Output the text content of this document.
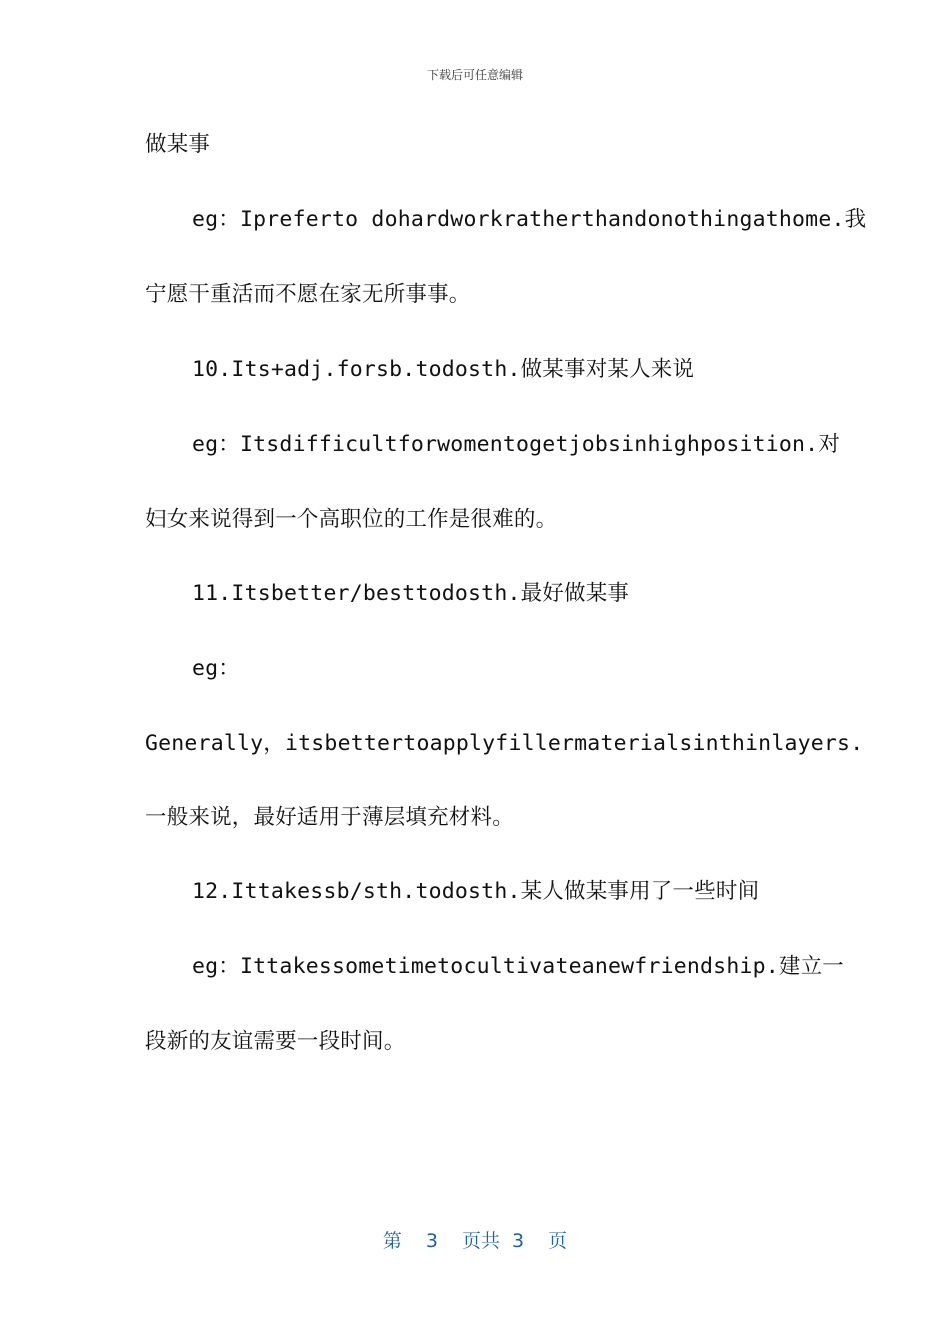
下载后可任意编辑
做某事
eg：Ipreferto dohardworkratherthandonothingathome.我
宁愿干重活而不愿在家无所事事。
10.Its+adj.forsb.todosth.做某事对某人来说
eg：Itsdifficultforwomentogetjobsinhighposition.对
妇女来说得到一个高职位的工作是很难的。
11.Itsbetter/besttodosth.最好做某事
eg：
Generally，itsbettertoapplyfillermaterialsinthinlayers.
一般来说，最好适用于薄层填充材料。
12.Ittakessb/sth.todosth.某人做某事用了一些时间
eg：Ittakessometimetocultivateanewfriendship.建立一
段新的友谊需要一段时间。
第 3 页共 3 页
